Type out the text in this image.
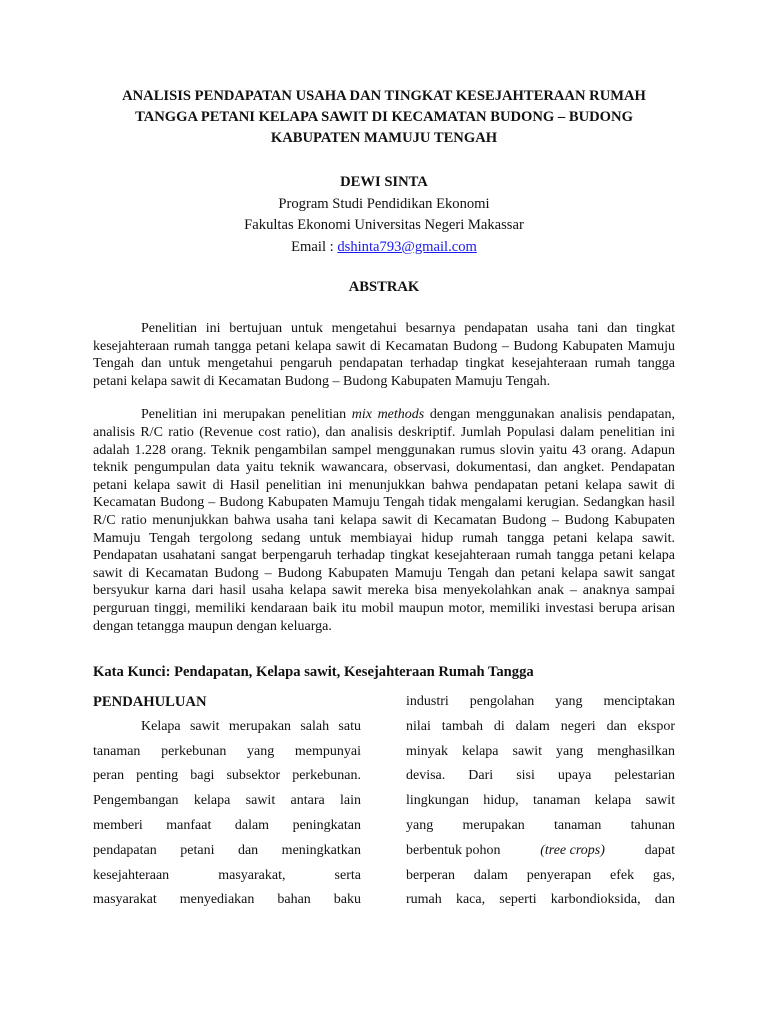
ANALISIS PENDAPATAN USAHA DAN TINGKAT KESEJAHTERAAN RUMAH
TANGGA PETANI KELAPA SAWIT DI KECAMATAN BUDONG – BUDONG
KABUPATEN MAMUJU TENGAH
DEWI SINTA
Program Studi Pendidikan Ekonomi
Fakultas Ekonomi Universitas Negeri Makassar
Email : dshinta793@gmail.com
ABSTRAK

Penelitian ini bertujuan untuk mengetahui besarnya pendapatan usaha tani dan tingkat kesejahteraan rumah tangga petani kelapa sawit di Kecamatan Budong – Budong Kabupaten Mamuju Tengah dan untuk mengetahui pengaruh pendapatan terhadap tingkat kesejahteraan rumah tangga petani kelapa sawit di Kecamatan Budong – Budong Kabupaten Mamuju Tengah.

Penelitian ini merupakan penelitian mix methods dengan menggunakan analisis pendapatan, analisis R/C ratio (Revenue cost ratio), dan analisis deskriptif. Jumlah Populasi dalam penelitian ini adalah 1.228 orang. Teknik pengambilan sampel menggunakan rumus slovin yaitu 43 orang. Adapun teknik pengumpulan data yaitu teknik wawancara, observasi, dokumentasi, dan angket. Pendapatan petani kelapa sawit di Hasil penelitian ini menunjukkan bahwa pendapatan petani kelapa sawit di Kecamatan Budong – Budong Kabupaten Mamuju Tengah tidak mengalami kerugian. Sedangkan hasil R/C ratio menunjukkan bahwa usaha tani kelapa sawit di Kecamatan Budong – Budong Kabupaten Mamuju Tengah tergolong sedang untuk membiayai hidup rumah tangga petani kelapa sawit. Pendapatan usahatani sangat berpengaruh terhadap tingkat kesejahteraan rumah tangga petani kelapa sawit di Kecamatan Budong – Budong Kabupaten Mamuju Tengah dan petani kelapa sawit sangat bersyukur karna dari hasil usaha kelapa sawit mereka bisa menyekolahkan anak – anaknya sampai perguruan tinggi, memiliki kendaraan baik itu mobil maupun motor, memiliki investasi berupa arisan dengan tetangga maupun dengan keluarga.

Kata Kunci: Pendapatan, Kelapa sawit, Kesejahteraan Rumah Tangga
PENDAHULUAN
Kelapa sawit merupakan salah satu
tanaman perkebunan yang mempunyai
peran penting bagi subsektor perkebunan.
Pengembangan kelapa sawit antara lain
memberi manfaat dalam peningkatan
pendapatan petani dan meningkatkan
kesejahteraan masyarakat, serta
masyarakat menyediakan bahan baku
industri pengolahan yang menciptakan
nilai tambah di dalam negeri dan ekspor
minyak kelapa sawit yang menghasilkan
devisa. Dari sisi upaya pelestarian
lingkungan hidup, tanaman kelapa sawit
yang merupakan tanaman tahunan
berbentuk pohon	(tree crops)	dapat
berperan dalam penyerapan efek gas,
rumah kaca, seperti karbondioksida, dan
